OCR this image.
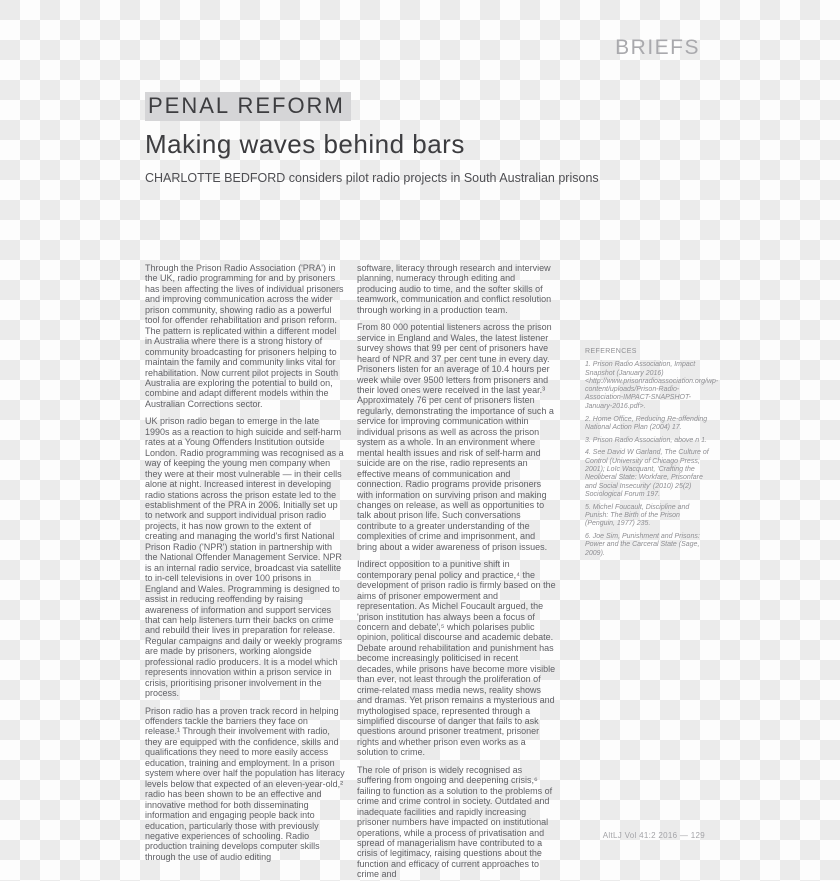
BRIEFS
PENAL REFORM
Making waves behind bars

CHARLOTTE BEDFORD considers pilot radio projects in South Australian prisons

Through the Prison Radio Association ('PRA') in the UK, radio programming for and by prisoners has been affecting the lives of individual prisoners and improving communication across the wider prison community, showing radio as a powerful tool for offender rehabilitation and prison reform. The pattern is replicated within a different model in Australia where there is a strong history of community broadcasting for prisoners helping to maintain the family and community links vital for rehabilitation. Now current pilot projects in South Australia are exploring the potential to build on, combine and adapt different models within the Australian Corrections sector.

UK prison radio began to emerge in the late 1990s as a reaction to high suicide and self-harm rates at a Young Offenders Institution outside London. Radio programming was recognised as a way of keeping the young men company when they were at their most vulnerable — in their cells alone at night. Increased interest in developing radio stations across the prison estate led to the establishment of the PRA in 2006. Initially set up to network and support individual prison radio projects, it has now grown to the extent of creating and managing the world's first National Prison Radio ('NPR') station in partnership with the National Offender Management Service. NPR is an internal radio service, broadcast via satellite to in-cell televisions in over 100 prisons in England and Wales. Programming is designed to assist in reducing reoffending by raising awareness of information and support services that can help listeners turn their backs on crime and rebuild their lives in preparation for release. Regular campaigns and daily or weekly programs are made by prisoners, working alongside professional radio producers. It is a model which represents innovation within a prison service in crisis, prioritising prisoner involvement in the process.

Prison radio has a proven track record in helping offenders tackle the barriers they face on release.¹ Through their involvement with radio, they are equipped with the confidence, skills and qualifications they need to more easily access education, training and employment. In a prison system where over half the population has literacy levels below that expected of an eleven-year-old,² radio has been shown to be an effective and innovative method for both disseminating information and engaging people back into education, particularly those with previously negative experiences of schooling. Radio production training develops computer skills through the use of audio editing

software, literacy through research and interview planning, numeracy through editing and producing audio to time, and the softer skills of teamwork, communication and conflict resolution through working in a production team.

From 80 000 potential listeners across the prison service in England and Wales, the latest listener survey shows that 99 per cent of prisoners have heard of NPR and 37 per cent tune in every day. Prisoners listen for an average of 10.4 hours per week while over 9500 letters from prisoners and their loved ones were received in the last year.³ Approximately 76 per cent of prisoners listen regularly, demonstrating the importance of such a service for improving communication within individual prisons as well as across the prison system as a whole. In an environment where mental health issues and risk of self-harm and suicide are on the rise, radio represents an effective means of communication and connection. Radio programs provide prisoners with information on surviving prison and making changes on release, as well as opportunities to talk about prison life. Such conversations contribute to a greater understanding of the complexities of crime and imprisonment, and bring about a wider awareness of prison issues.

Indirect opposition to a punitive shift in contemporary penal policy and practice,⁴ the development of prison radio is firmly based on the aims of prisoner empowerment and representation. As Michel Foucault argued, the 'prison institution has always been a focus of concern and debate',⁵ which polarises public opinion, political discourse and academic debate. Debate around rehabilitation and punishment has become increasingly politicised in recent decades, while prisons have become more visible than ever, not least through the proliferation of crime-related mass media news, reality shows and dramas. Yet prison remains a mysterious and mythologised space, represented through a simplified discourse of danger that fails to ask questions around prisoner treatment, prisoner rights and whether prison even works as a solution to crime.

The role of prison is widely recognised as suffering from ongoing and deepening crisis,⁶ failing to function as a solution to the problems of crime and crime control in society. Outdated and inadequate facilities and rapidly increasing prisoner numbers have impacted on institutional operations, while a process of privatisation and spread of managerialism have contributed to a crisis of legitimacy, raising questions about the function and efficacy of current approaches to crime and

REFERENCES

1. Prison Radio Association, Impact Snapshot (January 2016) <http://www.prisonradioassociation.org/wp-content/uploads/Prison-Radio-Association-IMPACT-SNAPSHOT-January-2016.pdf>.

2. Home Office, Reducing Re-offending National Action Plan (2004) 17.

3. Prison Radio Association, above n 1.

4. See David W Garland, The Culture of Control (University of Chicago Press, 2001); Loïc Wacquant, 'Crafting the Neoliberal State: Workfare, Prisonfare and Social Insecurity' (2010) 25(2) Sociological Forum 197.

5. Michel Foucault, Discipline and Punish: The Birth of the Prison (Penguin, 1977) 235.

6. Joe Sim, Punishment and Prisons: Power and the Carceral State (Sage, 2009).

AltLJ Vol 41:2 2016 — 129
